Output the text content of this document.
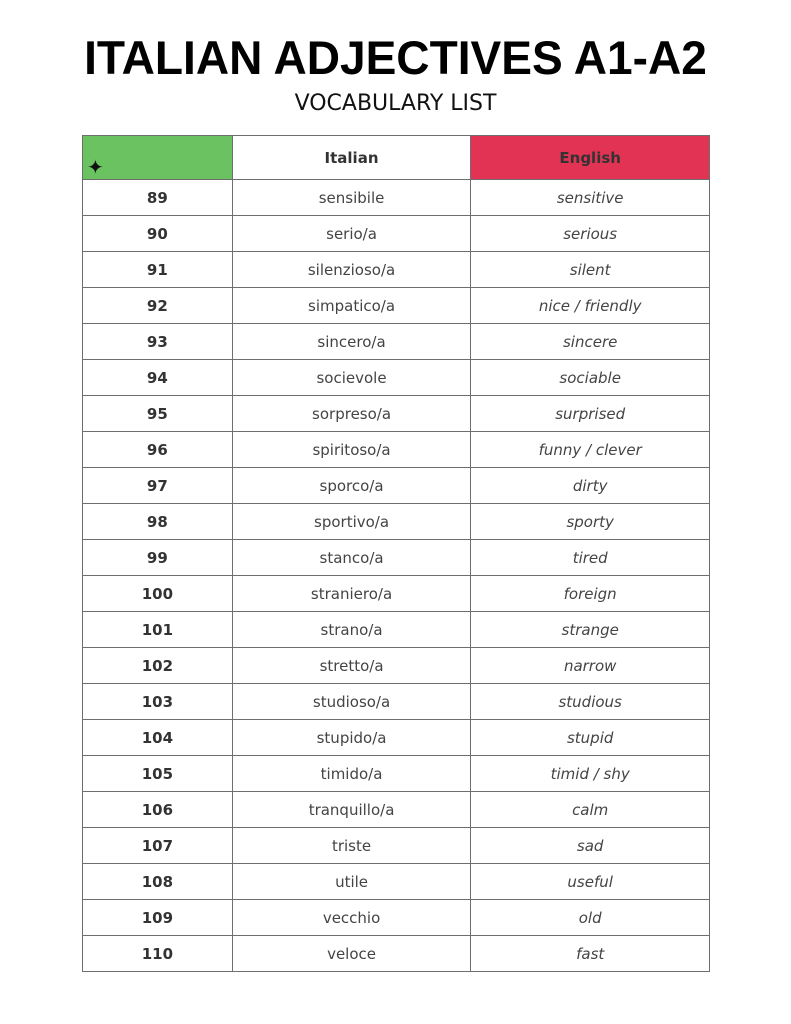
ITALIAN ADJECTIVES A1-A2
VOCABULARY LIST
✦	Italian	English
89	sensibile	sensitive
90	serio/a	serious
91	silenzioso/a	silent
92	simpatico/a	nice / friendly
93	sincero/a	sincere
94	socievole	sociable
95	sorpreso/a	surprised
96	spiritoso/a	funny / clever
97	sporco/a	dirty
98	sportivo/a	sporty
99	stanco/a	tired
100	straniero/a	foreign
101	strano/a	strange
102	stretto/a	narrow
103	studioso/a	studious
104	stupido/a	stupid
105	timido/a	timid / shy
106	tranquillo/a	calm
107	triste	sad
108	utile	useful
109	vecchio	old
110	veloce	fast
